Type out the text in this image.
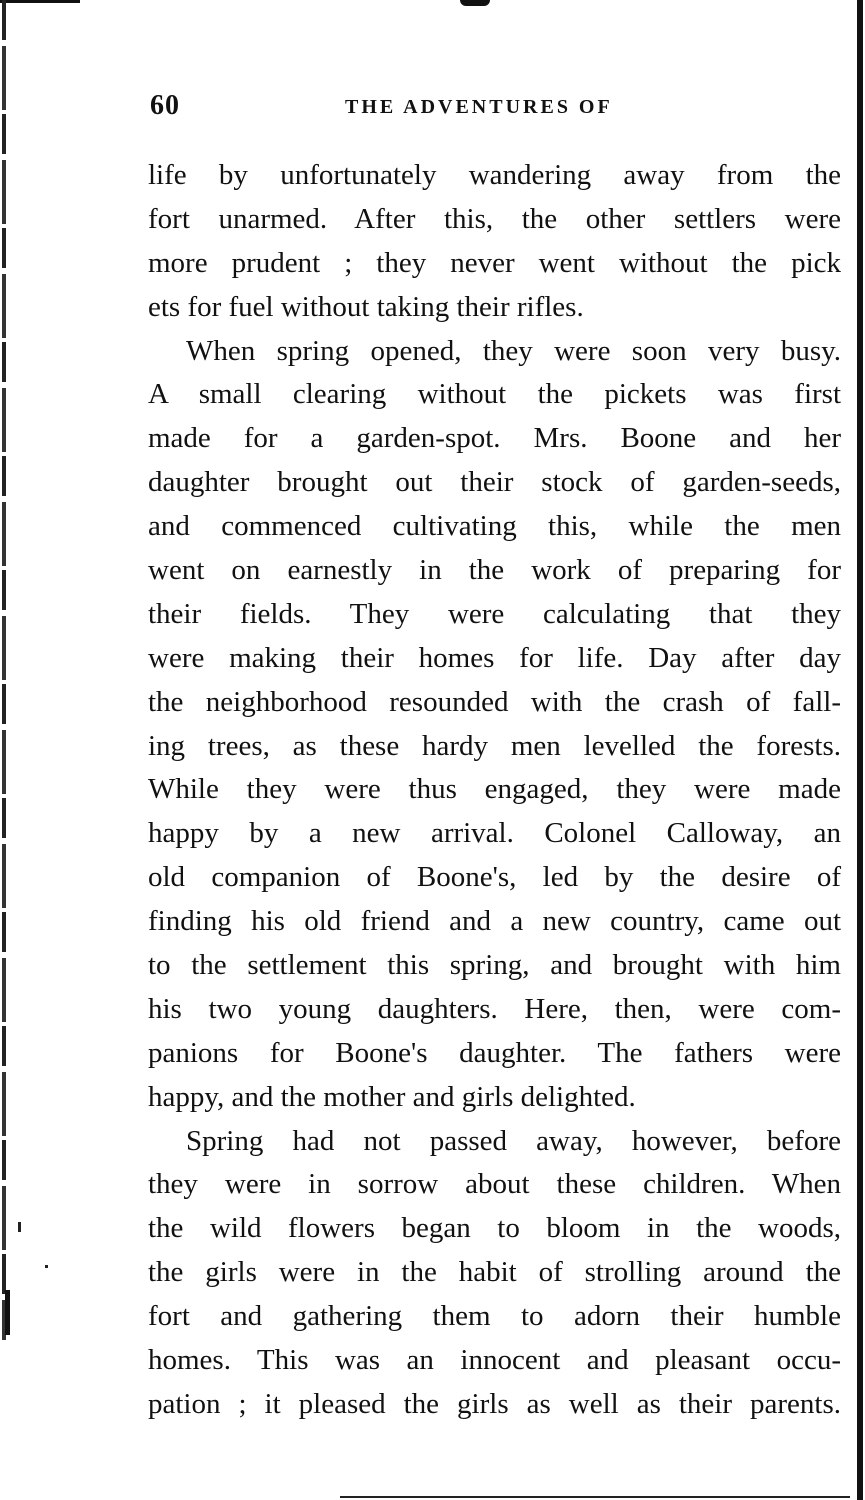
60	THE ADVENTURES OF
life by unfortunately wandering away from the
fort unarmed. After this, the other settlers were
more prudent ; they never went without the pick
ets for fuel without taking their rifles.
When spring opened, they were soon very busy.
A small clearing without the pickets was first
made for a garden-spot. Mrs. Boone and her
daughter brought out their stock of garden-seeds,
and commenced cultivating this, while the men
went on earnestly in the work of preparing for
their fields. They were calculating that they
were making their homes for life. Day after day
the neighborhood resounded with the crash of fall-
ing trees, as these hardy men levelled the forests.
While they were thus engaged, they were made
happy by a new arrival. Colonel Calloway, an
old companion of Boone's, led by the desire of
finding his old friend and a new country, came out
to the settlement this spring, and brought with him
his two young daughters. Here, then, were com-
panions for Boone's daughter. The fathers were
happy, and the mother and girls delighted.
Spring had not passed away, however, before
they were in sorrow about these children. When
the wild flowers began to bloom in the woods,
the girls were in the habit of strolling around the
fort and gathering them to adorn their humble
homes. This was an innocent and pleasant occu-
pation ; it pleased the girls as well as their parents.
